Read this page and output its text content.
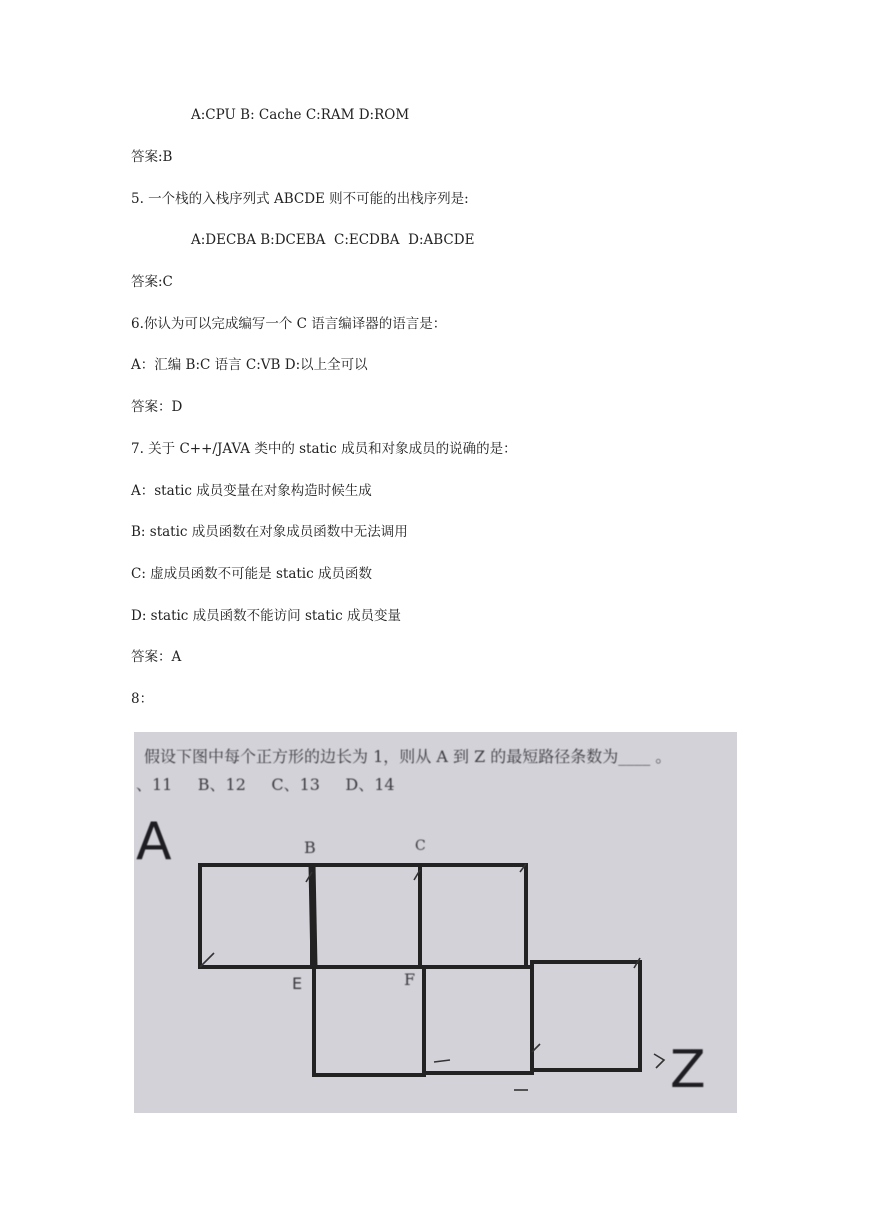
A:CPU B: Cache C:RAM D:ROM
答案:B
5. 一个栈的入栈序列式 ABCDE 则不可能的出栈序列是:
A:DECBA B:DCEBA  C:ECDBA  D:ABCDE
答案:C
6.你认为可以完成编写一个 C 语言编译器的语言是：
A：汇编 B:C 语言 C:VB D:以上全可以
答案：D
7. 关于 C++/JAVA 类中的 static 成员和对象成员的说确的是：
A：static 成员变量在对象构造时候生成
B: static 成员函数在对象成员函数中无法调用
C: 虚成员函数不可能是 static 成员函数
D: static 成员函数不能访问 static 成员变量
答案：A
8：
假设下图中每个正方形的边长为 1，则从 A 到 Z 的最短路径条数为____ 。
、11     B、12     C、13     D、14
A
Z
B	C
E	F
